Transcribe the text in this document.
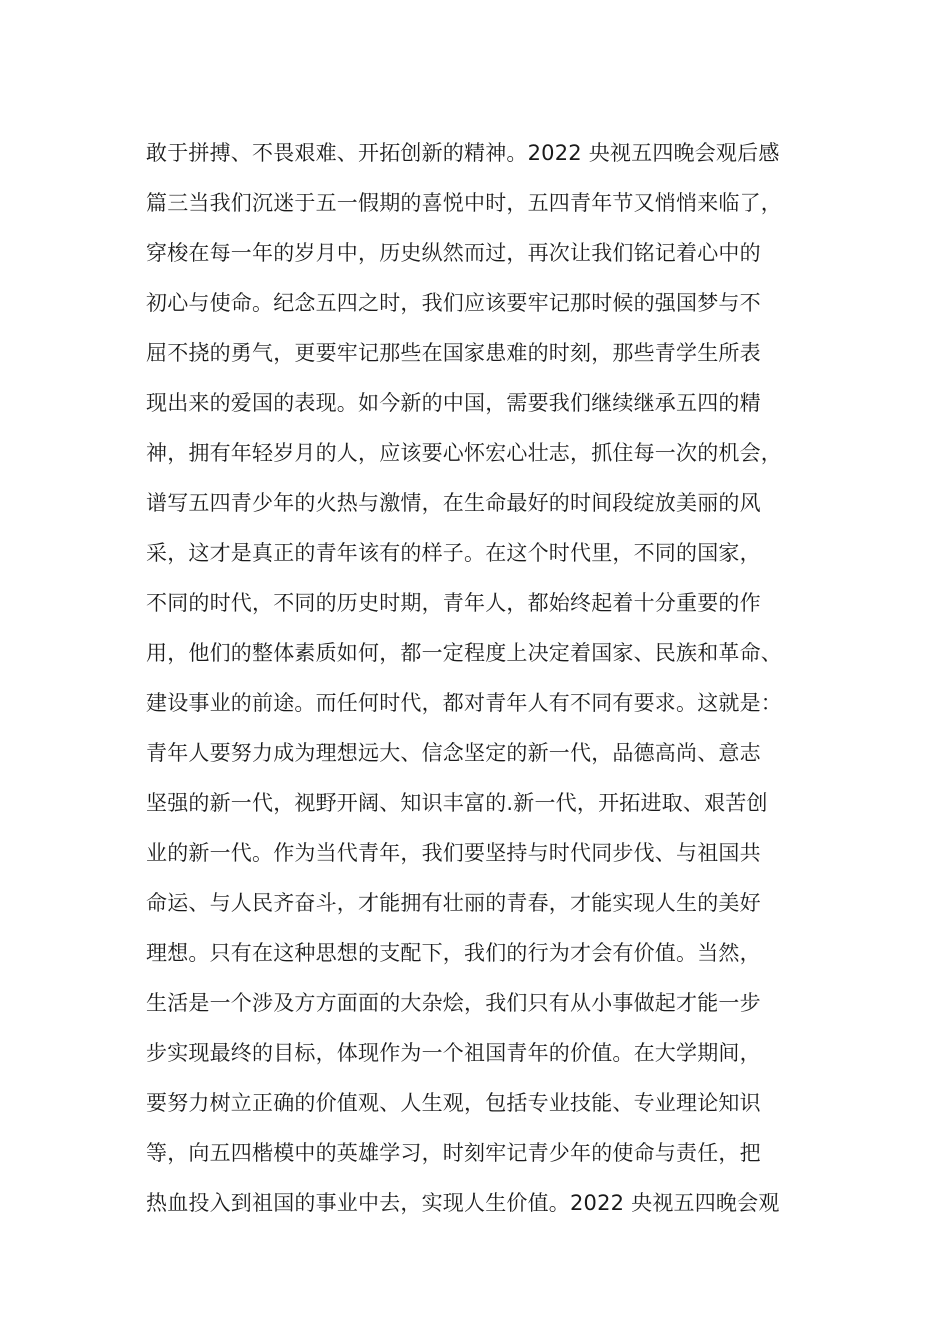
敢于拼搏、不畏艰难、开拓创新的精神。2022 央视五四晚会观后感
篇三当我们沉迷于五一假期的喜悦中时，五四青年节又悄悄来临了，
穿梭在每一年的岁月中，历史纵然而过，再次让我们铭记着心中的
初心与使命。纪念五四之时，我们应该要牢记那时候的强国梦与不
屈不挠的勇气，更要牢记那些在国家患难的时刻，那些青学生所表
现出来的爱国的表现。如今新的中国，需要我们继续继承五四的精
神，拥有年轻岁月的人，应该要心怀宏心壮志，抓住每一次的机会，
谱写五四青少年的火热与激情，在生命最好的时间段绽放美丽的风
采，这才是真正的青年该有的样子。在这个时代里，不同的国家，
不同的时代，不同的历史时期，青年人，都始终起着十分重要的作
用，他们的整体素质如何，都一定程度上决定着国家、民族和革命、
建设事业的前途。而任何时代，都对青年人有不同有要求。这就是：
青年人要努力成为理想远大、信念坚定的新一代，品德高尚、意志
坚强的新一代，视野开阔、知识丰富的.新一代，开拓进取、艰苦创
业的新一代。作为当代青年，我们要坚持与时代同步伐、与祖国共
命运、与人民齐奋斗，才能拥有壮丽的青春，才能实现人生的美好
理想。只有在这种思想的支配下，我们的行为才会有价值。当然，
生活是一个涉及方方面面的大杂烩，我们只有从小事做起才能一步
步实现最终的目标，体现作为一个祖国青年的价值。在大学期间，
要努力树立正确的价值观、人生观，包括专业技能、专业理论知识
等，向五四楷模中的英雄学习，时刻牢记青少年的使命与责任，把
热血投入到祖国的事业中去，实现人生价值。2022 央视五四晚会观
